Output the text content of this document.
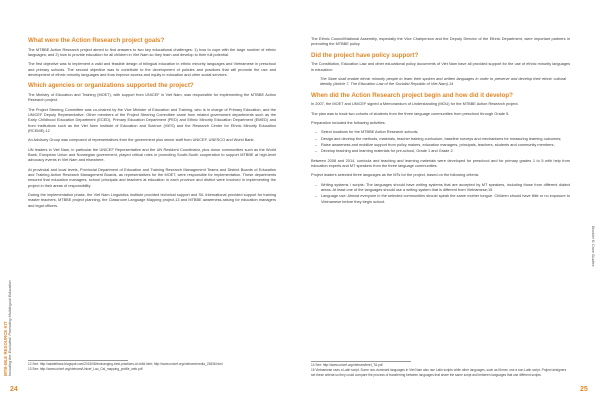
MTB-MLE RESOURCE KIT Including the Excluded: Promoting Multilingual Education
What were the Action Research project goals?

The MTBBE Action Research project aimed to find answers to two key educational challenges: 1) how to cope with the large number of ethnic languages; and 2) how to provide education for all children in Viet Nam so they learn and develop to their full potential.

The first objective was to implement a valid and feasible design of bilingual education in ethnic minority languages and Vietnamese in preschool and primary schools. The second objective was to contribute to the development of policies and practices that will promote the use and development of ethnic minority languages and thus improve access and equity in education and other social services.

Which agencies or organizations supported the project?

The Ministry of Education and Training (MOET), with support from UNICEF in Viet Nam, was responsible for implementing the MTBBE Action Research project.

The Project Steering Committee was co-chaired by the Vice Minister of Education and Training, who is in charge of Primary Education, and the UNICEF Deputy Representative. Other members of the Project Steering Committee came from related government departments such as the Early Childhood Education Department (ECED), Primary Education Department (PED) and Ethnic Minority Education Department (EMED) and from institutions such as the Viet Nam Institute of Education and Science (VIES) and the Research Center for Ethnic Minority Education (RCEME).12

An Advisory Group was composed of representatives from the government plus senior staff from UNICEF, UNESCO and World Bank.

UN leaders in Viet Nam, in particular the UNICEF Representative and the UN Resident Coordinator, plus donor communities such as the World Bank, European Union and Norwegian government, played critical roles in promoting South-South cooperation to support MTBBE at high-level advocacy events in Viet Nam and elsewhere.

At provincial and local levels, Provincial Department of Education and Training Research Management Teams and District Boards of Education and Training Action Research Management Boards, as representatives for the MOET, were responsible for implementation. These departments ensured that education managers, school principals and teachers at education in each province and district were involved in implementing the project in their areas of responsibility.

During the implementation phase, the Viet Nam Linguistics Institute provided technical support and SIL International provided support for training master teachers, MTBBE project planning, the Classroom Language Mapping project,13 and MTBBE awareness-raising for education managers and legal officers.

12 See: http://asiafellows.blogspot.com/2015/08/exchanging-best-practices-of-child.html; http://www.unicef.org/vietnam/media_23836.html
13 See: http://www.unicef.org/vietnam/Unicef_Lao_Cai_mapping_profile_web.pdf
24

The Ethnic Council/National Assembly, especially the Vice Chairperson and the Deputy Director of the Ethnic Department, were important partners in promoting the MTBBE policy.

Did the project have policy support?

The Constitution, Education Law and other educational policy documents of Viet Nam have all provided support for the use of ethnic minority languages in education:

The State shall enable ethnic minority people to learn their spoken and written languages in order to preserve and develop their ethnic cultural identity (Article 7, The Education Law of the Socialist Republic of Viet Nam).14

When did the Action Research project begin and how did it develop?

In 2007, the MOET and UNICEF signed a Memorandum of Understanding (MOU) for the MTBBE Action Research project.

The plan was to track two cohorts of students from the three language communities from preschool through Grade 5.

Preparation included the following activities:

– Select locations for the MTBBE Action Research schools;
– Design and develop the methods, materials, teacher training curriculum, baseline surveys and mechanisms for measuring learning outcomes;
– Raise awareness and mobilize support from policy makers, education managers, principals, teachers, students and community members;
– Develop teaching and learning materials for pre-school, Grade 1 and Grade 2.

Between 2008 and 2014, curricula and teaching and learning materials were developed for preschool and for primary grades 1 to 5 with help from education experts and MT speakers from the three language communities.

Project leaders selected three languages as the MTs for the project, based on the following criteria:

– Writing systems / scripts: The languages should have writing systems that are accepted by MT speakers, including those from different dialect areas. At least one of the languages should use a writing system that is different from Vietnamese;15
– Language use: Almost everyone in the selected communities should speak the same mother tongue. Children should have little or no exposure to Vietnamese before they begin school.
14 See: http://www.unicef.org/vietnam/brief_TA.pdf
15 Vietnamese uses a Latin script. Some non-dominant languages in Viet Nam also use Latin scripts while other languages, such as Khmer, use a non-Latin script. Project designers set these criteria so they could compare the process of transferring between languages that share the same script and between languages that use different scripts.
25
Booklet 6: Case Studies
